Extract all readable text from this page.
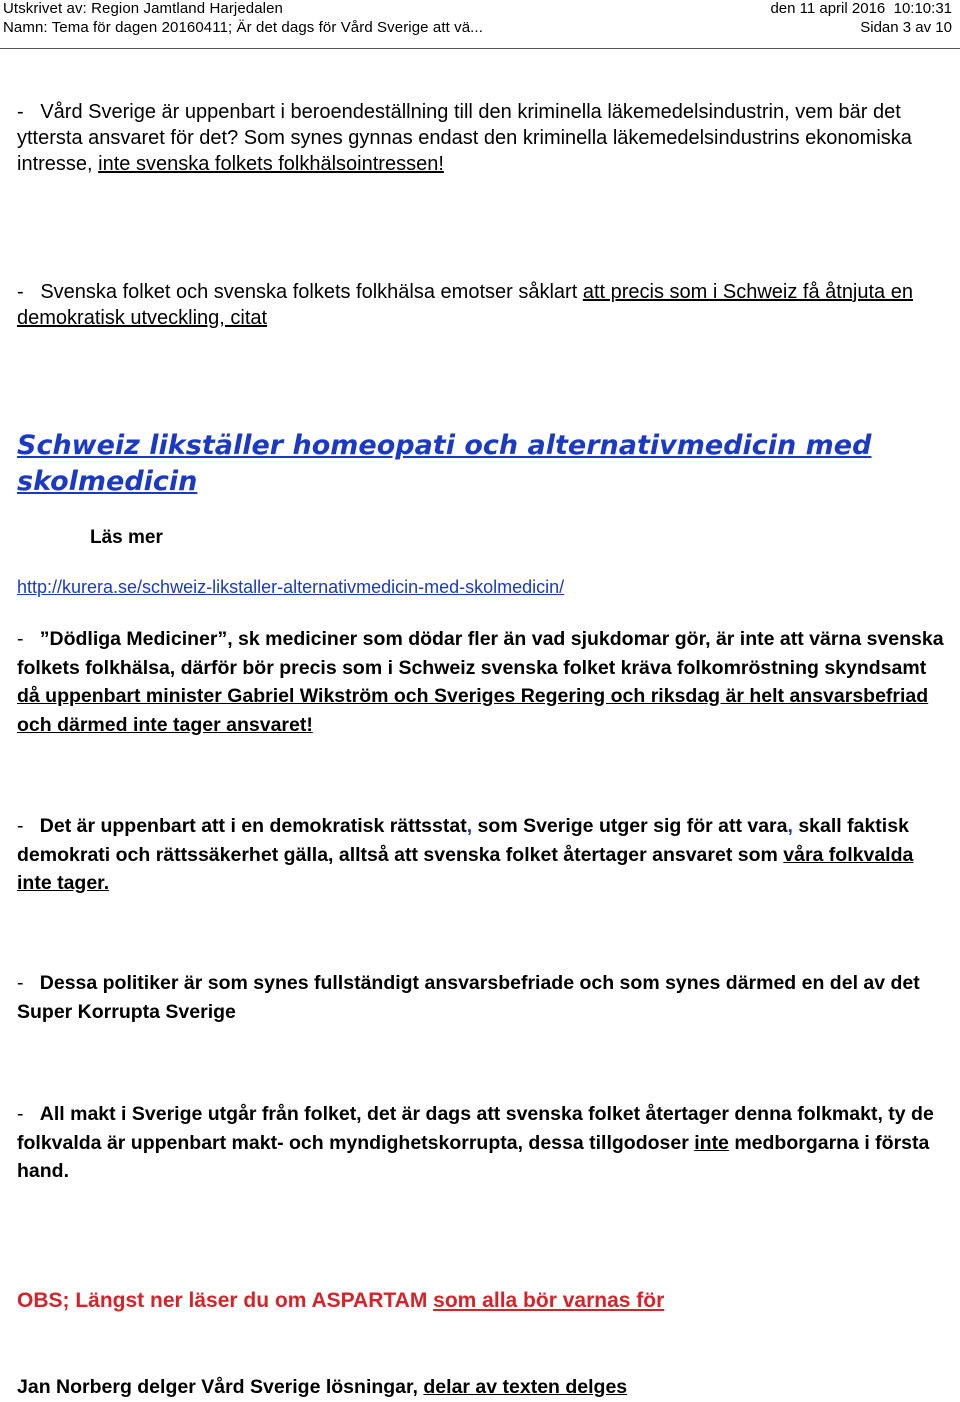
Utskrivet av: Region Jamtland Harjedalen	den 11 april 2016 10:10:31
Namn: Tema för dagen 20160411; Är det dags för Vård Sverige att vä...	Sidan 3 av 10
- Vård Sverige är uppenbart i beroendeställning till den kriminella läkemedelsindustrin, vem bär det yttersta ansvaret för det? Som synes gynnas endast den kriminella läkemedelsindustrins ekonomiska intresse, inte svenska folkets folkhälsointressen!
- Svenska folket och svenska folkets folkhälsa emotser såklart att precis som i Schweiz få åtnjuta en demokratisk utveckling, citat
Schweiz likställer homeopati och alternativmedicin med
skolmedicin
Läs mer
http://kurera.se/schweiz-likstaller-alternativmedicin-med-skolmedicin/
- ”Dödliga Mediciner”, sk mediciner som dödar fler än vad sjukdomar gör, är inte att värna svenska folkets folkhälsa, därför bör precis som i Schweiz svenska folket kräva folkomröstning skyndsamt då uppenbart minister Gabriel Wikström och Sveriges Regering och riksdag är helt ansvarsbefriad och därmed inte tager ansvaret!
- Det är uppenbart att i en demokratisk rättsstat, som Sverige utger sig för att vara, skall faktisk demokrati och rättssäkerhet gälla, alltså att svenska folket återtager ansvaret som våra folkvalda inte tager.
- Dessa politiker är som synes fullständigt ansvarsbefriade och som synes därmed en del av det Super Korrupta Sverige
- All makt i Sverige utgår från folket, det är dags att svenska folket återtager denna folkmakt, ty de folkvalda är uppenbart makt- och myndighetskorrupta, dessa tillgodoser inte medborgarna i första hand.
OBS; Längst ner läser du om ASPARTAM som alla bör varnas för
Jan Norberg delger Vård Sverige lösningar, delar av texten delges
